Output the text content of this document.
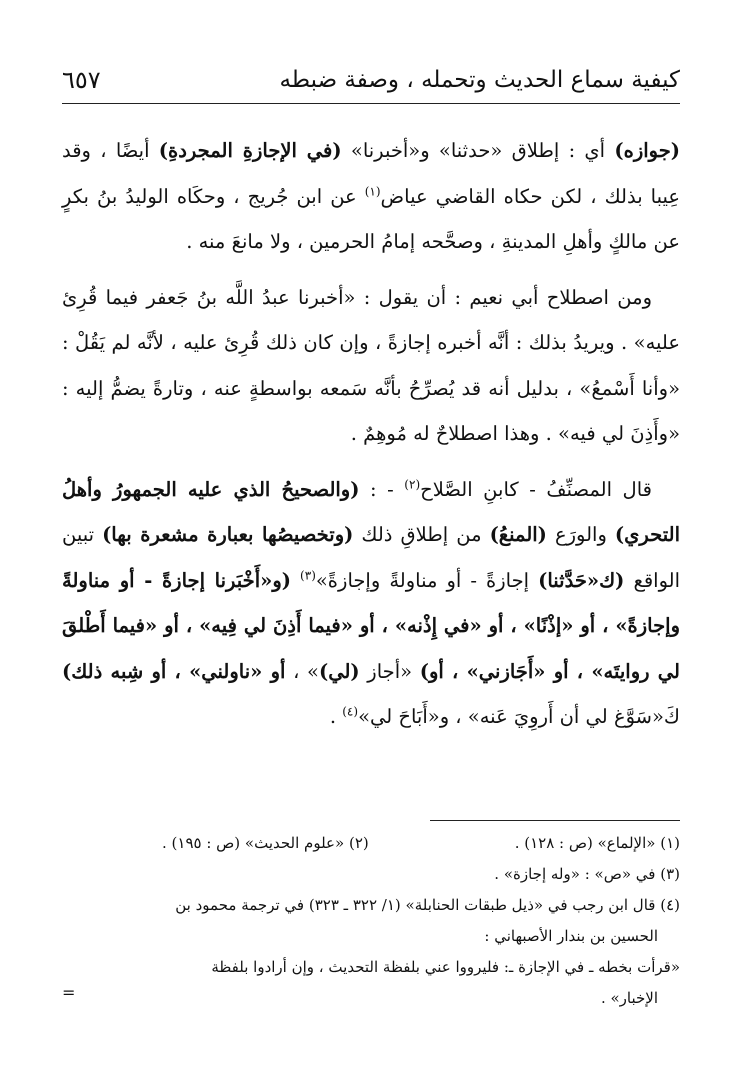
٦٥٧	كيفية سماع الحديث وتحمله ، وصفة ضبطه

(جوازه) أي : إطلاق «حدثنا» و«أخبرنا» (في الإجازةِ المجردةِ) أيضًا ، وقد عِيبا بذلك ، لكن حكاه القاضي عياض$^{(١)}$ عن ابن جُريج ، وحكَاه الوليدُ بنُ بكرٍ عن مالكٍ وأهلِ المدينةِ ، وصحَّحه إمامُ الحرمين ، ولا مانعَ منه .

ومن اصطلاح أبي نعيم : أن يقول : «أخبرنا عبدُ اللَّه بنُ جَعفر فيما قُرِئ عليه» . ويريدُ بذلك : أنَّه أخبره إجازةً ، وإن كان ذلك قُرِئ عليه ، لأنَّه لم يَقُلْ : «وأنا أَسْمعُ» ، بدليل أنه قد يُصرِّحُ بأنَّه سَمعه بواسطةٍ عنه ، وتارةً يضمُّ إليه : «وأَذِنَ لي فيه» . وهذا اصطلاحٌ له مُوهِمٌ .

قال المصنِّفُ - كابنِ الصَّلاح$^{(٢)}$ - : (والصحيحُ الذي عليه الجمهورُ وأهلُ التحري) والورَع (المنعُ) من إطلاقِ ذلك (وتخصيصُها بعبارة مشعرة بها) تبين الواقع (ك«حَدَّثنا) إجازةً - أو مناولةً وإجازةً»$^{(٣)}$ (و«أَخْبَرنا إجازةً - أو مناولةً وإجازةً» ، أو «إذْنًا» ، أو «في إِذْنه» ، أو «فيما أَذِنَ لي فِيه» ، أو «فيما أَطْلقَ لي روايتَه» ، أو «أَجَازني» ، أو) «أجاز (لي)» ، أو «ناولني» ، أو شِبه ذلك) كَ«سَوَّغ لي أن أَروِيَ عَنه» ، و«أَبَاحَ لي»$^{(٤)}$ .

(١) «الإلماع» (ص : ١٢٨) .
(٢) «علوم الحديث» (ص : ١٩٥) .

(٣) في «ص» : «وله إجازة» .

(٤) قال ابن رجب في «ذيل طبقات الحنابلة» (١/ ٣٢٢ ـ ٣٢٣) في ترجمة محمود بن

الحسين بن بندار الأصبهاني :

«قرأت بخطه ـ في الإجازة ـ: فليرووا عني بلفظة التحديث ، وإن أرادوا بلفظة

الإخبار» .

=
